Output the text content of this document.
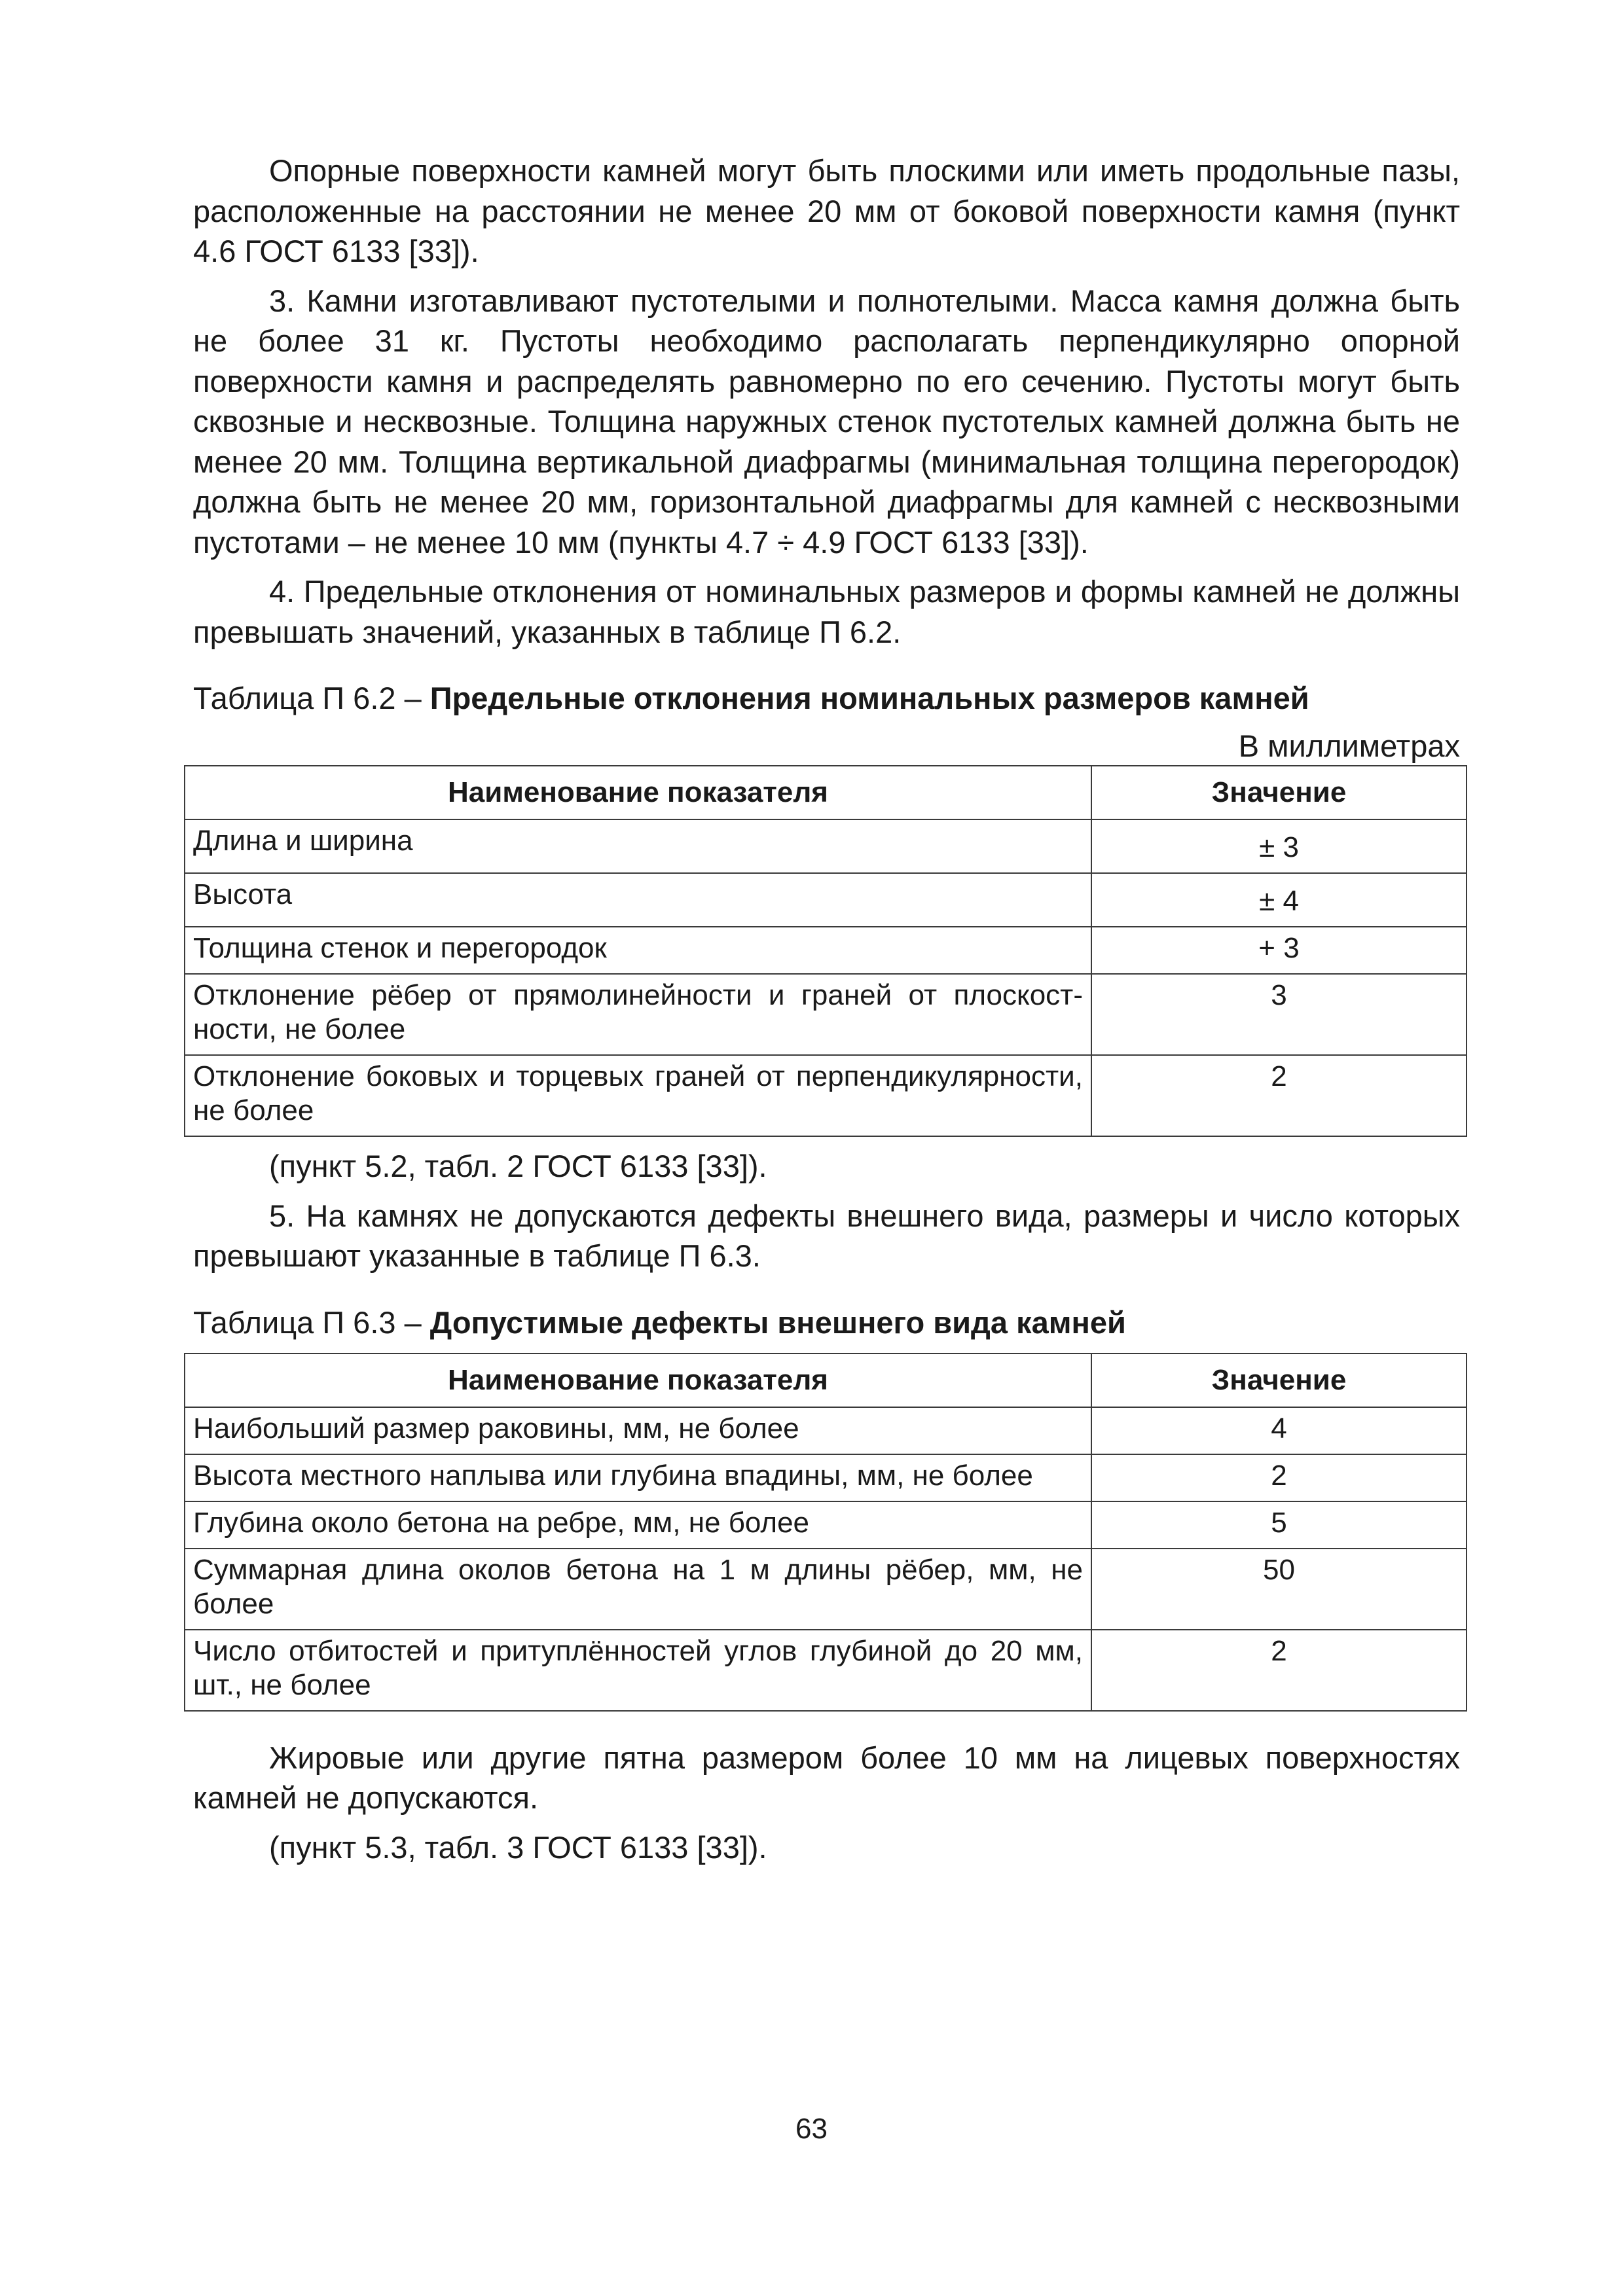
Опорные поверхности камней могут быть плоскими или иметь продольные пазы, расположенные на расстоянии не менее 20 мм от боковой поверхности камня (пункт 4.6 ГОСТ 6133 [33]).

3. Камни изготавливают пустотелыми и полнотелыми. Масса камня должна быть не более 31 кг. Пустоты необходимо располагать перпендикулярно опорной поверхности камня и распределять равномерно по его сечению. Пустоты могут быть сквозные и несквозные. Толщина наружных стенок пустотелых камней должна быть не менее 20 мм. Толщина вертикальной диафрагмы (минимальная толщина перегородок) должна быть не менее 20 мм, горизонтальной диафрагмы для камней с несквозными пустотами – не менее 10 мм (пункты 4.7 ÷ 4.9 ГОСТ 6133 [33]).

4. Предельные отклонения от номинальных размеров и формы камней не должны превышать значений, указанных в таблице П 6.2.

Таблица П 6.2 – Предельные отклонения номинальных размеров камней

В миллиметрах
Наименование показателя	Значение
Длина и ширина	± 3
Высота	± 4
Толщина стенок и перегородок	+ 3
Отклонение рёбер от прямолинейности и граней от плоскостности, не более	3
Отклонение боковых и торцевых граней от перпендикулярности, не более	2

(пункт 5.2, табл. 2 ГОСТ 6133 [33]).

5. На камнях не допускаются дефекты внешнего вида, размеры и число которых превышают указанные в таблице П 6.3.

Таблица П 6.3 – Допустимые дефекты внешнего вида камней

Наименование показателя	Значение
Наибольший размер раковины, мм, не более	4
Высота местного наплыва или глубина впадины, мм, не более	2
Глубина около бетона на ребре, мм, не более	5
Суммарная длина околов бетона на 1 м длины рёбер, мм, не более	50
Число отбитостей и притуплённостей углов глубиной до 20 мм, шт., не более	2

Жировые или другие пятна размером более 10 мм на лицевых поверхностях камней не допускаются.

(пункт 5.3, табл. 3 ГОСТ 6133 [33]).

63
